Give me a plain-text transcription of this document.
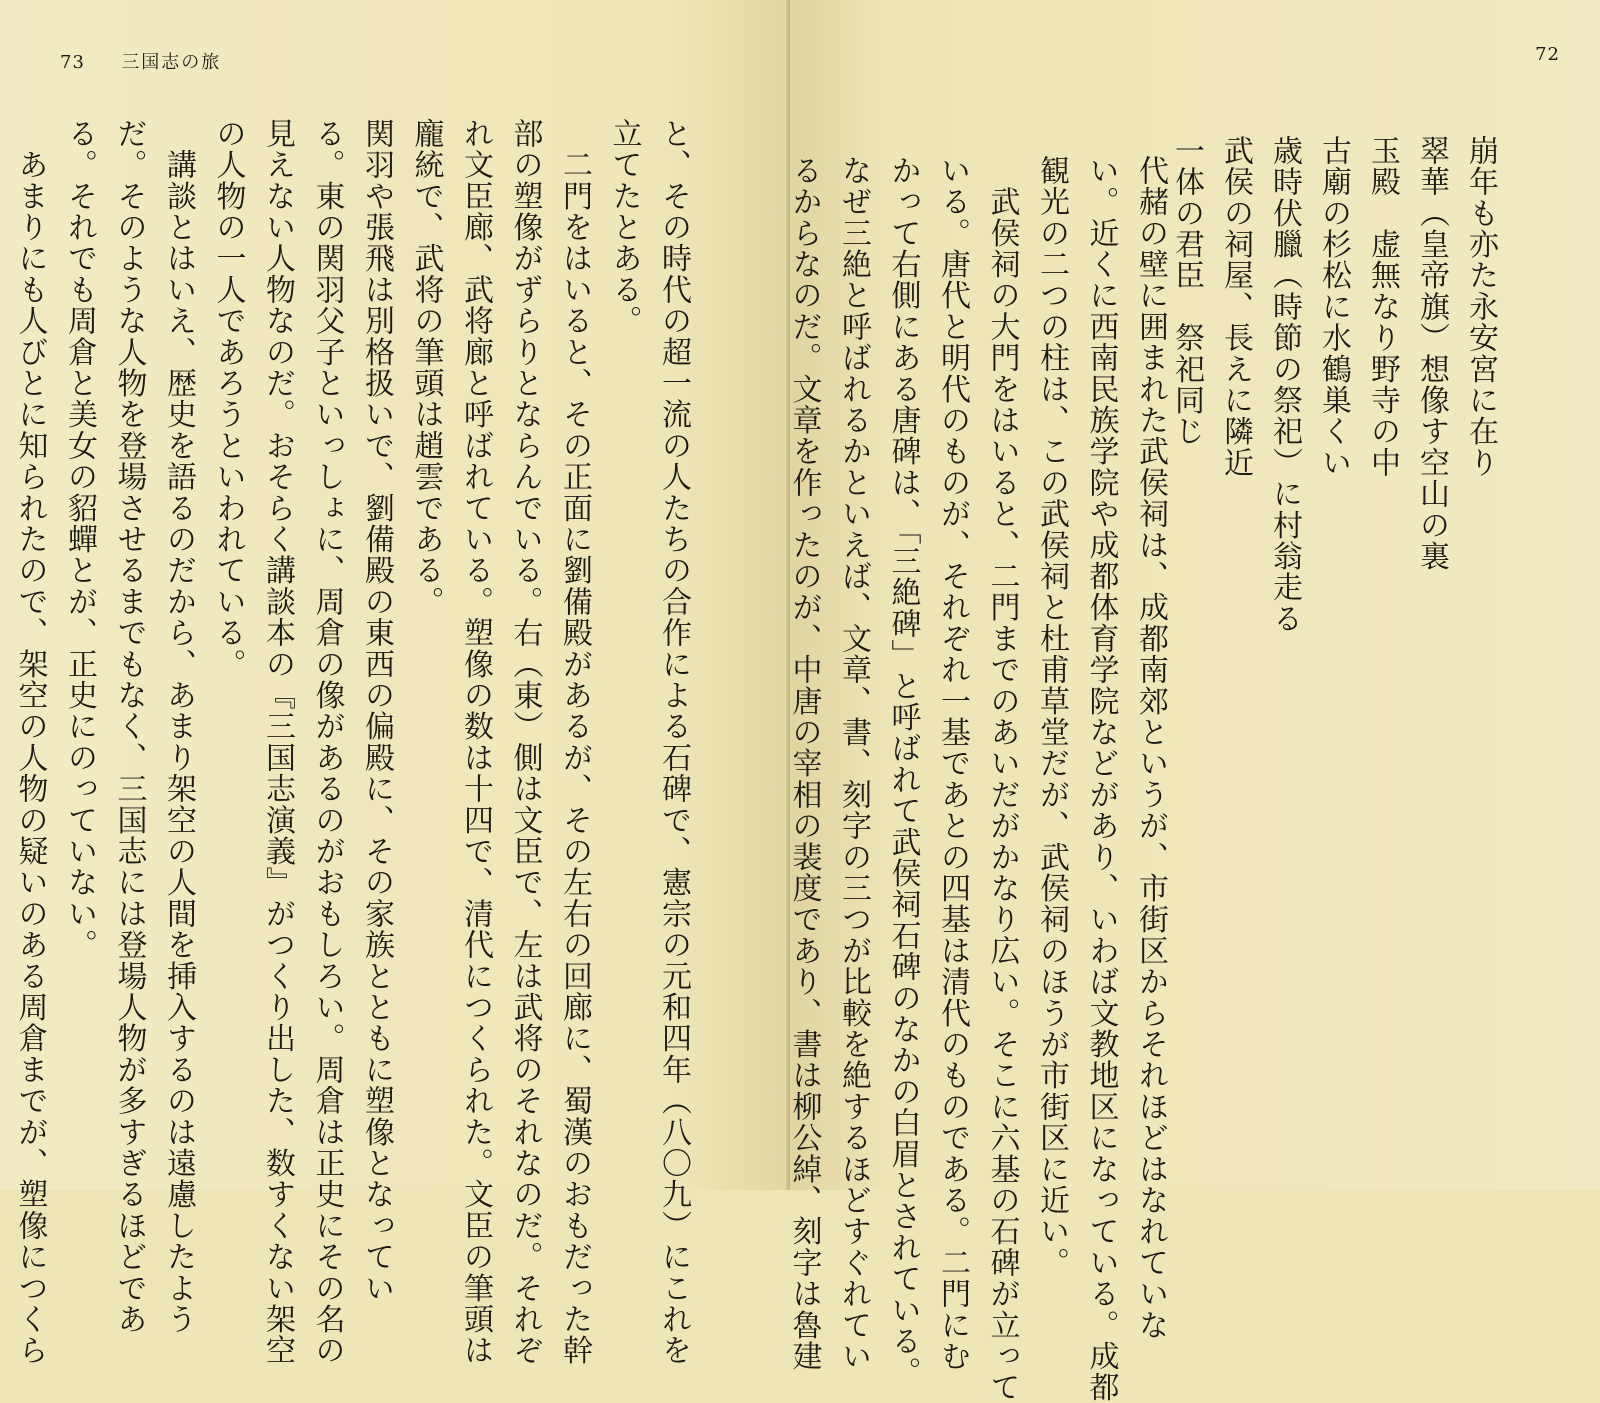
73 三国志の旅
と、その時代の超一流の人たちの合作による石碑で、憲宗の元和四年（八〇九）にこれを
立てたとある。
　二門をはいると、その正面に劉備殿があるが、その左右の回廊に、蜀漢のおもだった幹
部の塑像がずらりとならんでいる。右（東）側は文臣で、左は武将のそれなのだ。それぞ
れ文臣廊、武将廊と呼ばれている。塑像の数は十四で、清代につくられた。文臣の筆頭は
龐統で、武将の筆頭は趙雲である。
関羽や張飛は別格扱いで、劉備殿の東西の偏殿に、その家族とともに塑像となってい
る。東の関羽父子といっしょに、周倉の像があるのがおもしろい。周倉は正史にその名の
見えない人物なのだ。おそらく講談本の『三国志演義』がつくり出した、数すくない架空
の人物の一人であろうといわれている。
　講談とはいえ、歴史を語るのだから、あまり架空の人間を挿入するのは遠慮したよう
だ。そのような人物を登場させるまでもなく、三国志には登場人物が多すぎるほどであ
る。それでも周倉と美女の貂蟬とが、正史にのっていない。
　あまりにも人びとに知られたので、架空の人物の疑いのある周倉までが、塑像につくら
72
崩年も亦た永安宮に在り
翠華（皇帝旗）想像す空山の裏
玉殿　虚無なり野寺の中
古廟の杉松に水鶴巣くい
歳時伏臘（時節の祭祀）に村翁走る
武侯の祠屋、長えに隣近
一体の君臣　祭祀同じ
代赭の壁に囲まれた武侯祠は、成都南郊というが、市街区からそれほどはなれていな
い。近くに西南民族学院や成都体育学院などがあり、いわば文教地区になっている。成都
観光の二つの柱は、この武侯祠と杜甫草堂だが、武侯祠のほうが市街区に近い。
　武侯祠の大門をはいると、二門までのあいだがかなり広い。そこに六基の石碑が立って
いる。唐代と明代のものが、それぞれ一基であとの四基は清代のものである。二門にむ
かって右側にある唐碑は、「三絶碑」と呼ばれて武侯祠石碑のなかの白眉とされている。
なぜ三絶と呼ばれるかといえば、文章、書、刻字の三つが比較を絶するほどすぐれてい
るからなのだ。文章を作ったのが、中唐の宰相の裴度であり、書は柳公綽、刻字は魯建
